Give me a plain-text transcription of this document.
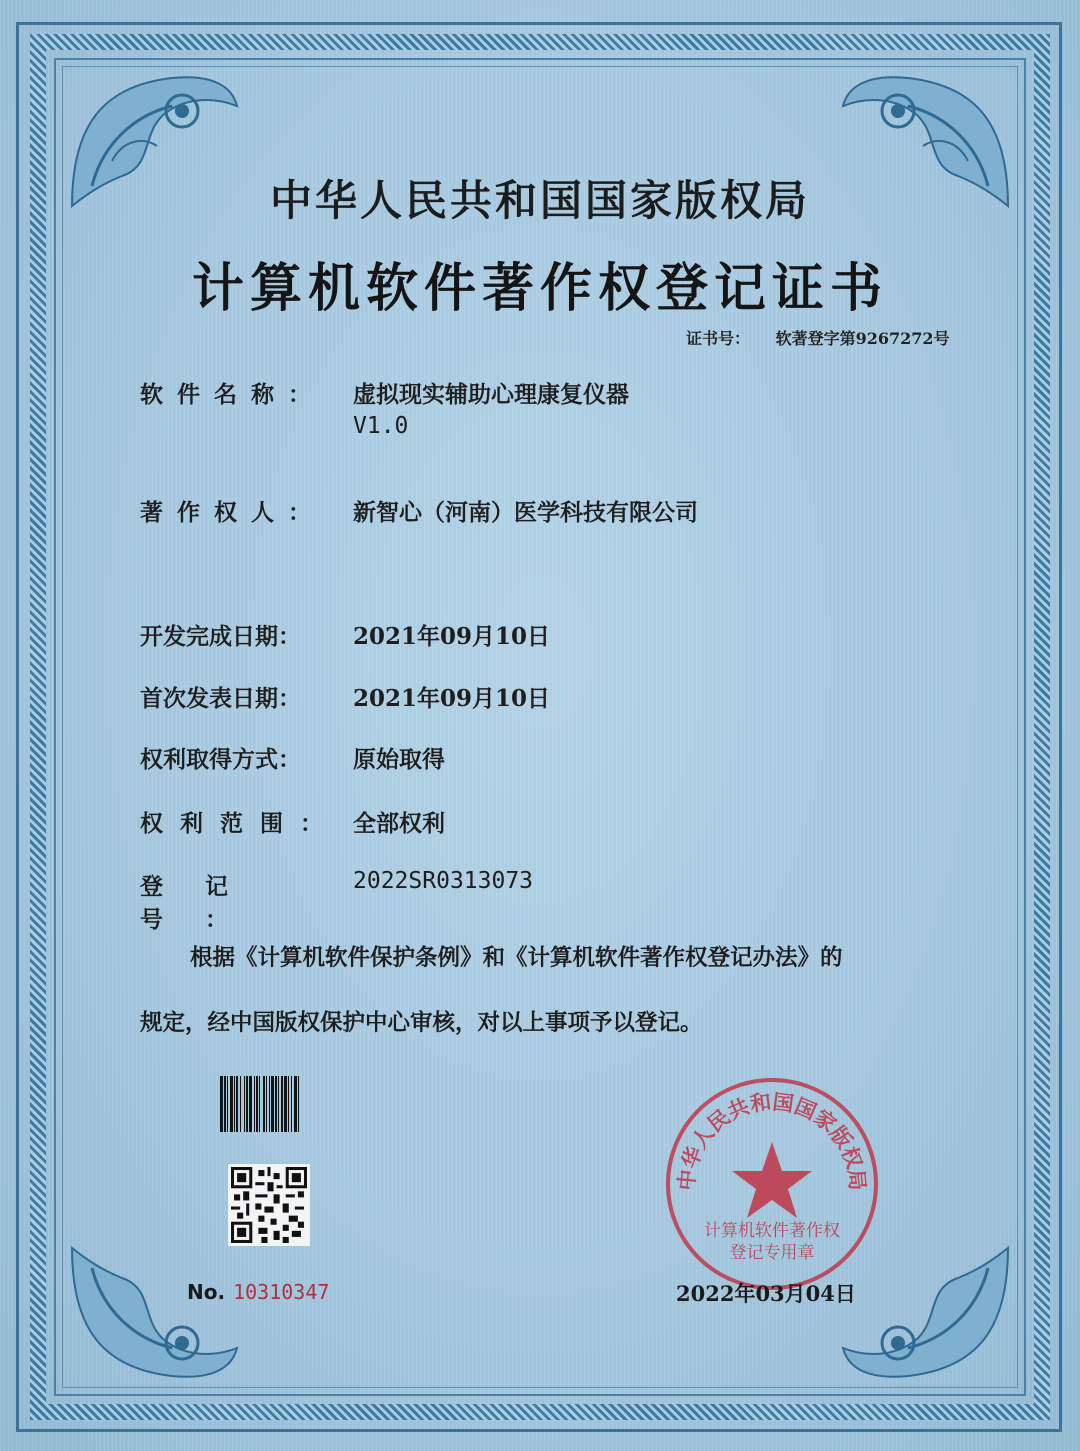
中华人民共和国国家版权局
计算机软件著作权登记证书
证书号： 软著登字第9267272号
软件名称： 虚拟现实辅助心理康复仪器
V1.0
著作权人： 新智心（河南）医学科技有限公司
开发完成日期： 2021年09月10日
首次发表日期： 2021年09月10日
权利取得方式： 原始取得
权利范围： 全部权利
登记号： 2022SR0313073
根据《计算机软件保护条例》和《计算机软件著作权登记办法》的
规定，经中国版权保护中心审核，对以上事项予以登记。
No. 10310347
中华人民共和国国家版权局
计算机软件著作权
登记专用章
2022年03月04日
